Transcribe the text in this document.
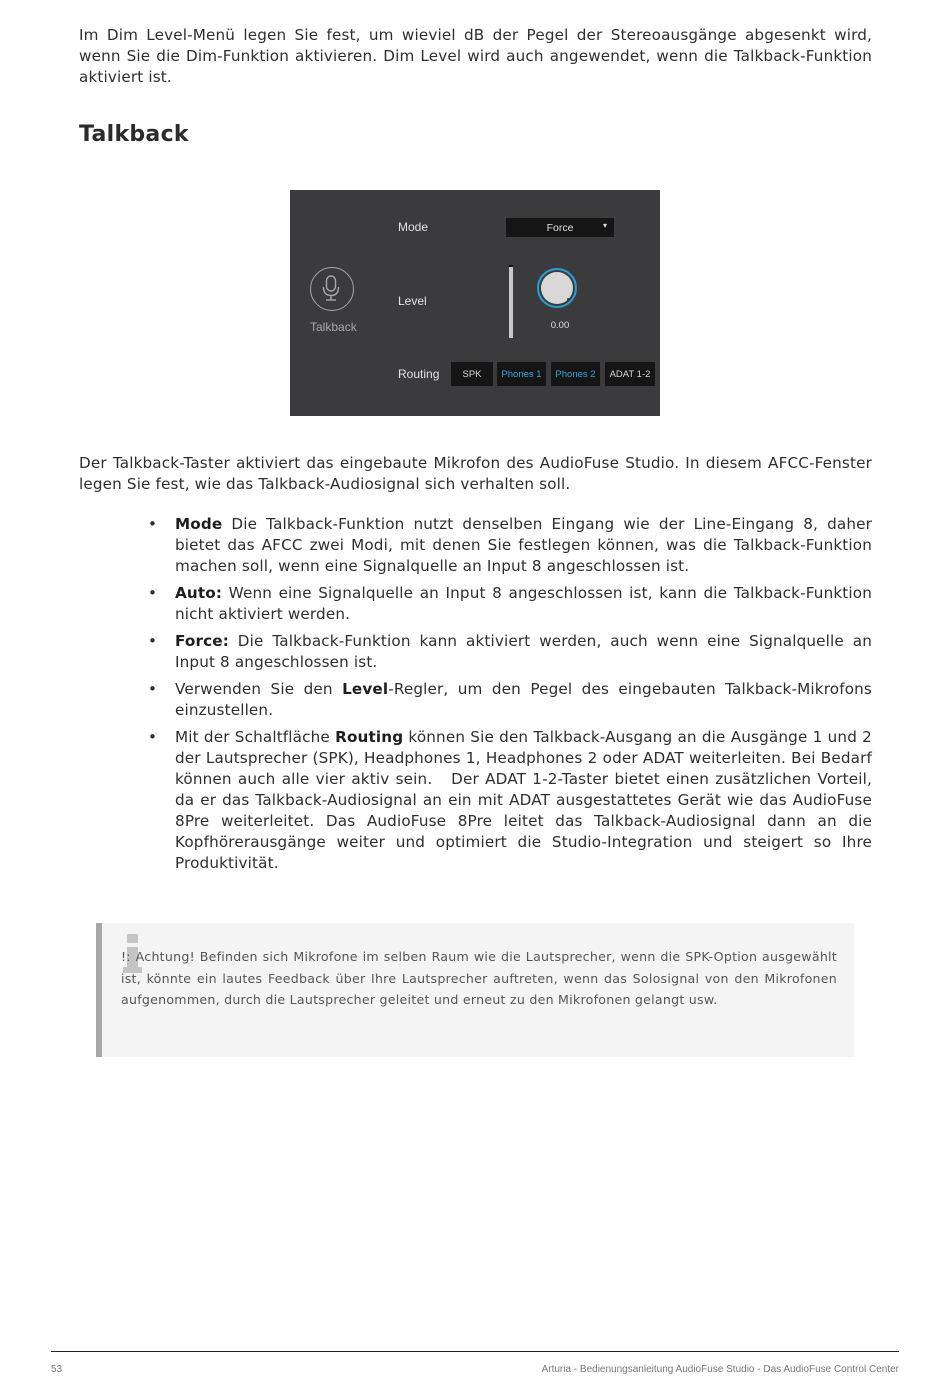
Im Dim Level-Menü legen Sie fest, um wieviel dB der Pegel der Stereoausgänge abgesenkt wird, wenn Sie die Dim-Funktion aktivieren. Dim Level wird auch angewendet, wenn die Talkback-Funktion aktiviert ist.

Talkback
Talkback
Mode	Force	▾
Level
0.00
Routing	SPK	Phones 1	Phones 2	ADAT 1-2

Der Talkback-Taster aktiviert das eingebaute Mikrofon des AudioFuse Studio. In diesem AFCC-Fenster legen Sie fest, wie das Talkback-Audiosignal sich verhalten soll.

• Mode Die Talkback-Funktion nutzt denselben Eingang wie der Line-Eingang 8, daher bietet das AFCC zwei Modi, mit denen Sie festlegen können, was die Talkback-Funktion machen soll, wenn eine Signalquelle an Input 8 angeschlossen ist.
• Auto: Wenn eine Signalquelle an Input 8 angeschlossen ist, kann die Talkback-Funktion nicht aktiviert werden.
• Force: Die Talkback-Funktion kann aktiviert werden, auch wenn eine Signalquelle an Input 8 angeschlossen ist.
• Verwenden Sie den Level-Regler, um den Pegel des eingebauten Talkback-Mikrofons einzustellen.
• Mit der Schaltfläche Routing können Sie den Talkback-Ausgang an die Ausgänge 1 und 2 der Lautsprecher (SPK), Headphones 1, Headphones 2 oder ADAT weiterleiten. Bei Bedarf können auch alle vier aktiv sein.   Der ADAT 1-2-Taster bietet einen zusätzlichen Vorteil, da er das Talkback-Audiosignal an ein mit ADAT ausgestattetes Gerät wie das AudioFuse 8Pre weiterleitet. Das AudioFuse 8Pre leitet das Talkback-Audiosignal dann an die Kopfhörerausgänge weiter und optimiert die Studio-Integration und steigert so Ihre Produktivität.

!: Achtung! Befinden sich Mikrofone im selben Raum wie die Lautsprecher, wenn die SPK-Option ausgewählt ist, könnte ein lautes Feedback über Ihre Lautsprecher auftreten, wenn das Solosignal von den Mikrofonen aufgenommen, durch die Lautsprecher geleitet und erneut zu den Mikrofonen gelangt usw.

53	Arturia - Bedienungsanleitung AudioFuse Studio - Das AudioFuse Control Center
